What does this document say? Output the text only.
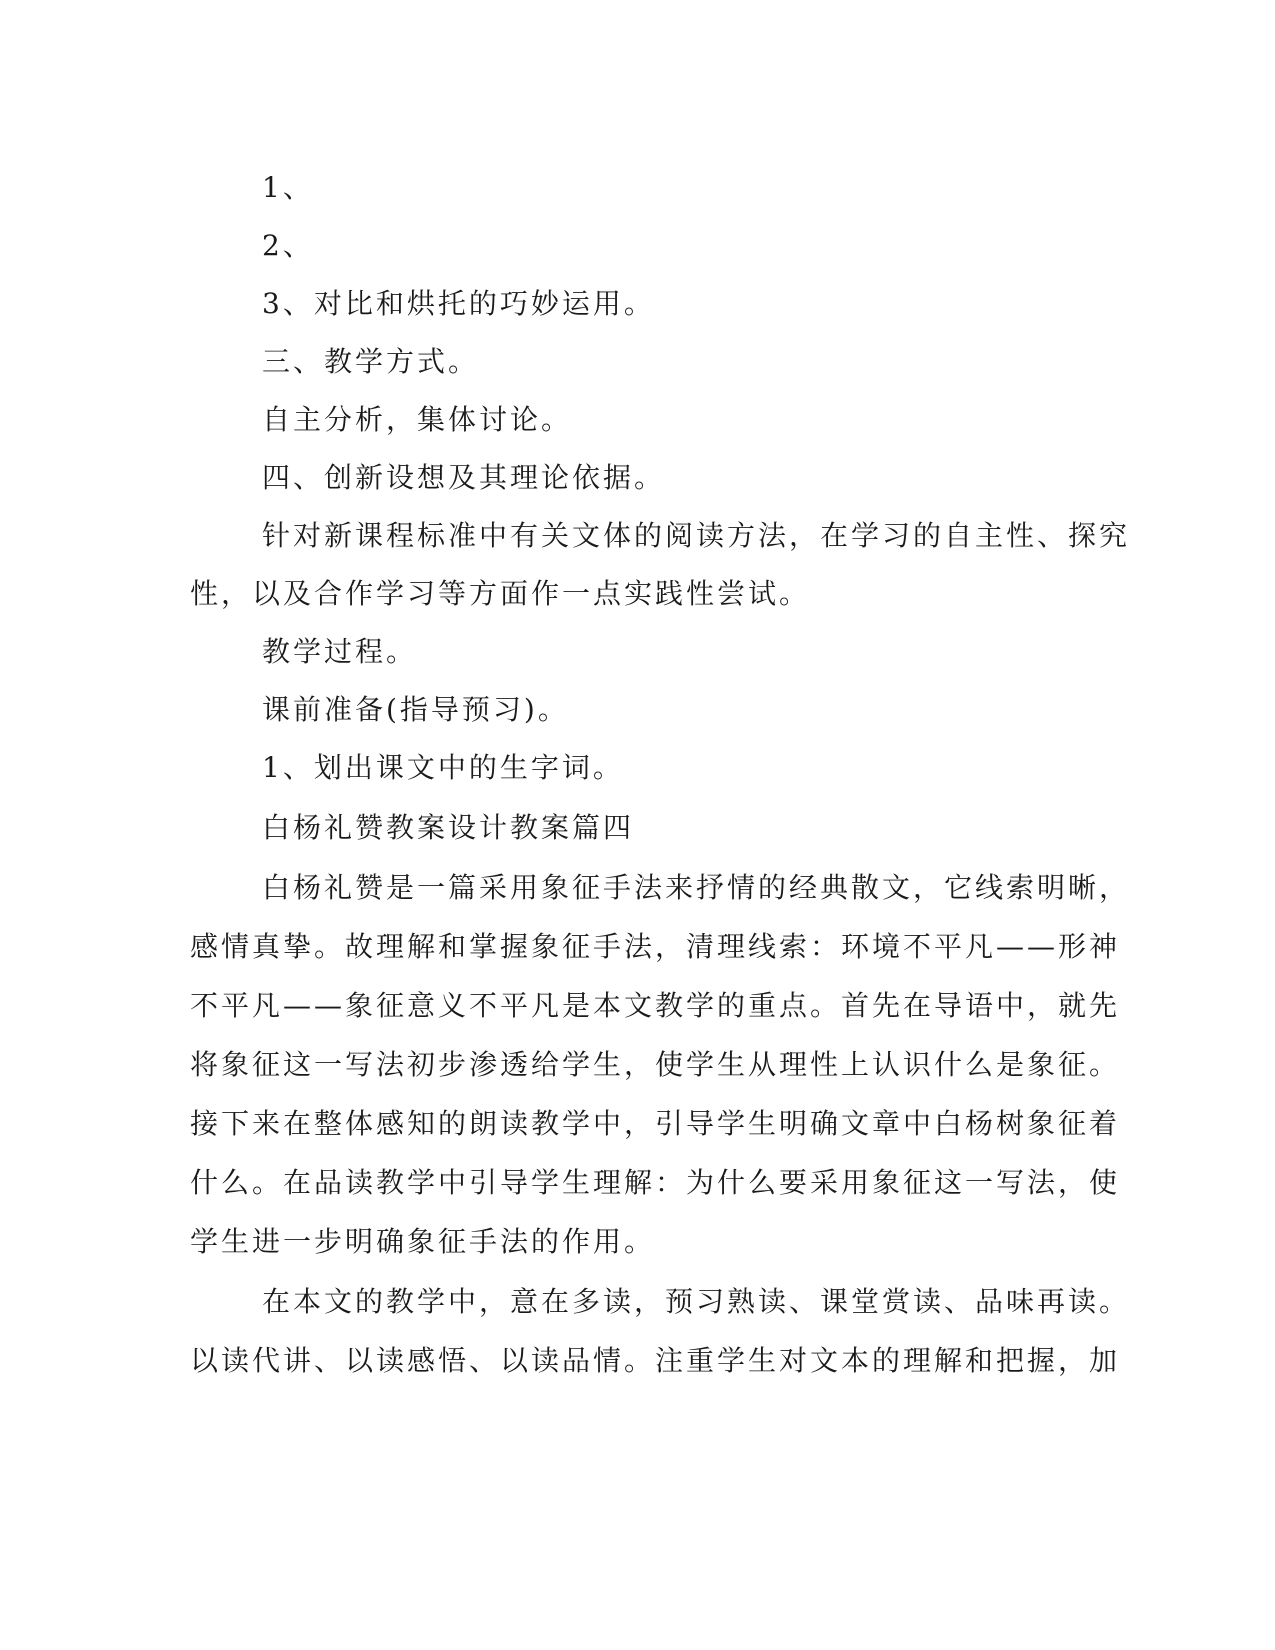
1、
2、
3、对比和烘托的巧妙运用。
三、教学方式。
自主分析，集体讨论。
四、创新设想及其理论依据。
针对新课程标准中有关文体的阅读方法，在学习的自主性、探究
性，以及合作学习等方面作一点实践性尝试。
教学过程。
课前准备(指导预习)。
1、划出课文中的生字词。
白杨礼赞教案设计教案篇四
白杨礼赞是一篇采用象征手法来抒情的经典散文，它线索明晰，
感情真挚。故理解和掌握象征手法，清理线索：环境不平凡——形神
不平凡——象征意义不平凡是本文教学的重点。首先在导语中，就先
将象征这一写法初步渗透给学生，使学生从理性上认识什么是象征。
接下来在整体感知的朗读教学中，引导学生明确文章中白杨树象征着
什么。在品读教学中引导学生理解：为什么要采用象征这一写法，使
学生进一步明确象征手法的作用。
在本文的教学中，意在多读，预习熟读、课堂赏读、品味再读。
以读代讲、以读感悟、以读品情。注重学生对文本的理解和把握，加
